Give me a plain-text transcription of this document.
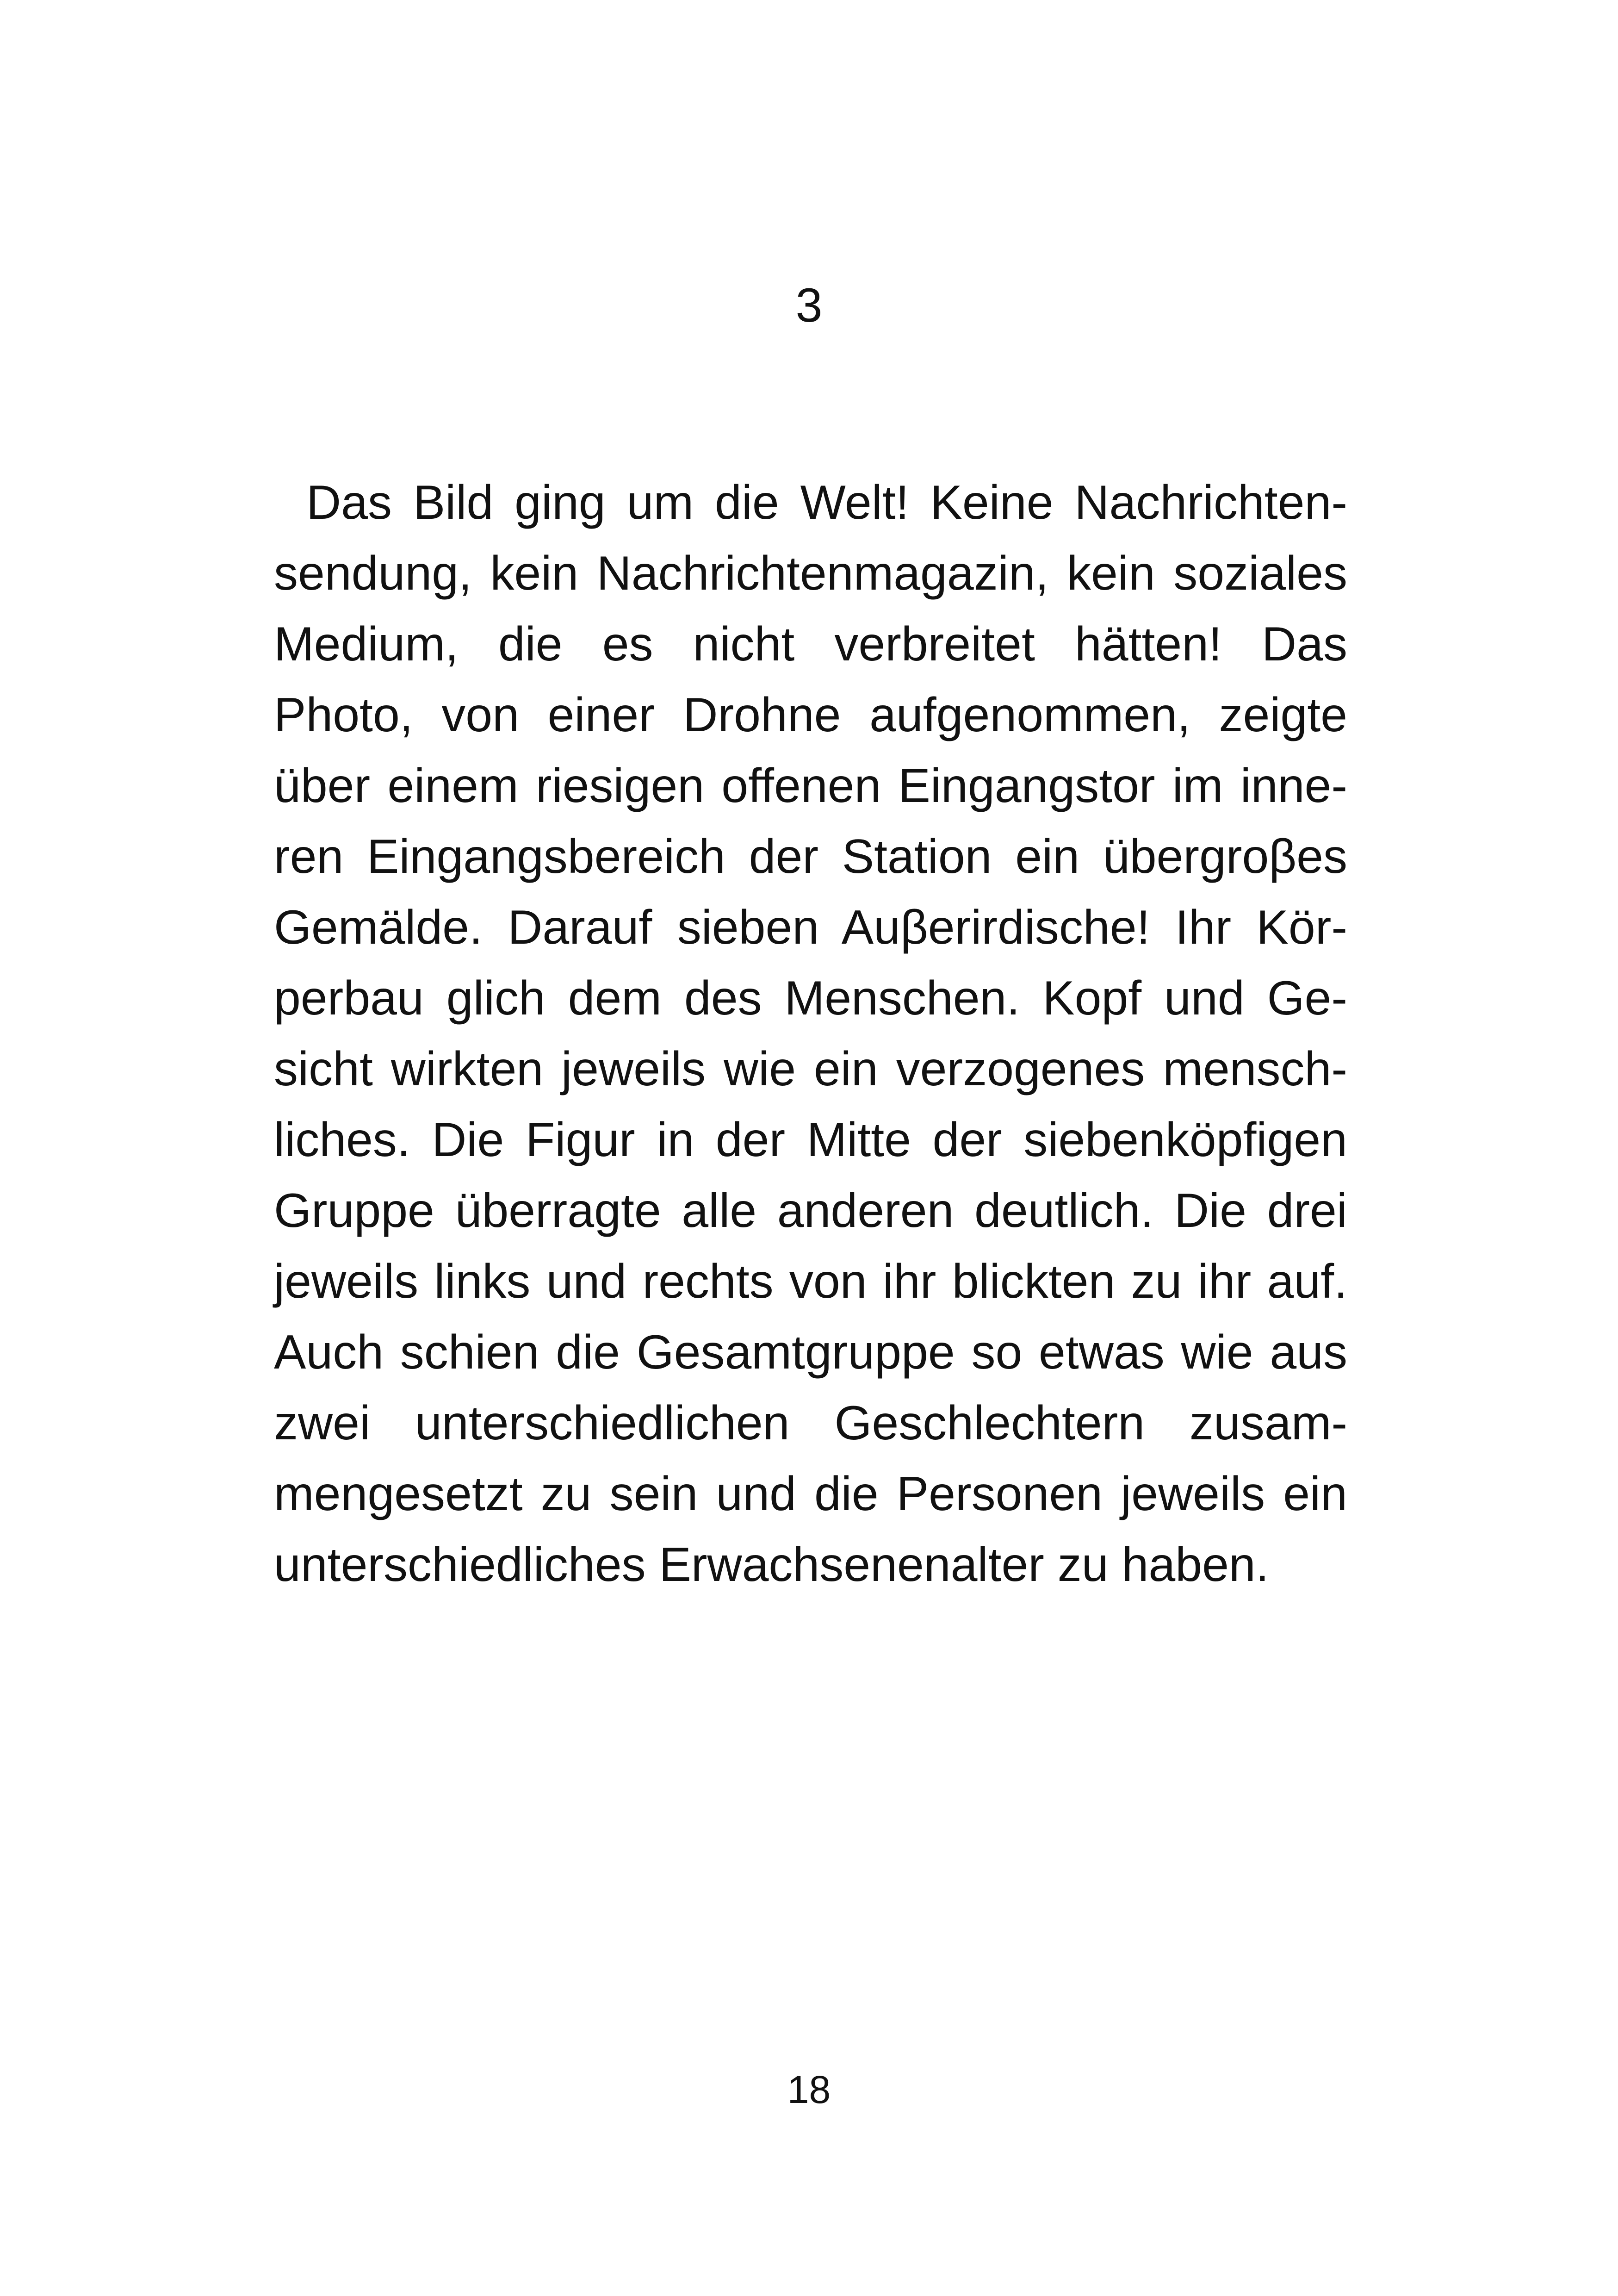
3
Das Bild ging um die Welt! Keine Nachrichten-
sendung, kein Nachrichtenmagazin, kein soziales
Medium, die es nicht verbreitet hätten! Das
Photo, von einer Drohne aufgenommen, zeigte
über einem riesigen offenen Eingangstor im inne-
ren Eingangsbereich der Station ein übergroβes
Gemälde. Darauf sieben Auβerirdische! Ihr Kör-
perbau glich dem des Menschen. Kopf und Ge-
sicht wirkten jeweils wie ein verzogenes mensch-
liches. Die Figur in der Mitte der siebenköpfigen
Gruppe überragte alle anderen deutlich. Die drei
jeweils links und rechts von ihr blickten zu ihr auf.
Auch schien die Gesamtgruppe so etwas wie aus
zwei unterschiedlichen Geschlechtern zusam-
mengesetzt zu sein und die Personen jeweils ein
unterschiedliches Erwachsenenalter zu haben.
18
